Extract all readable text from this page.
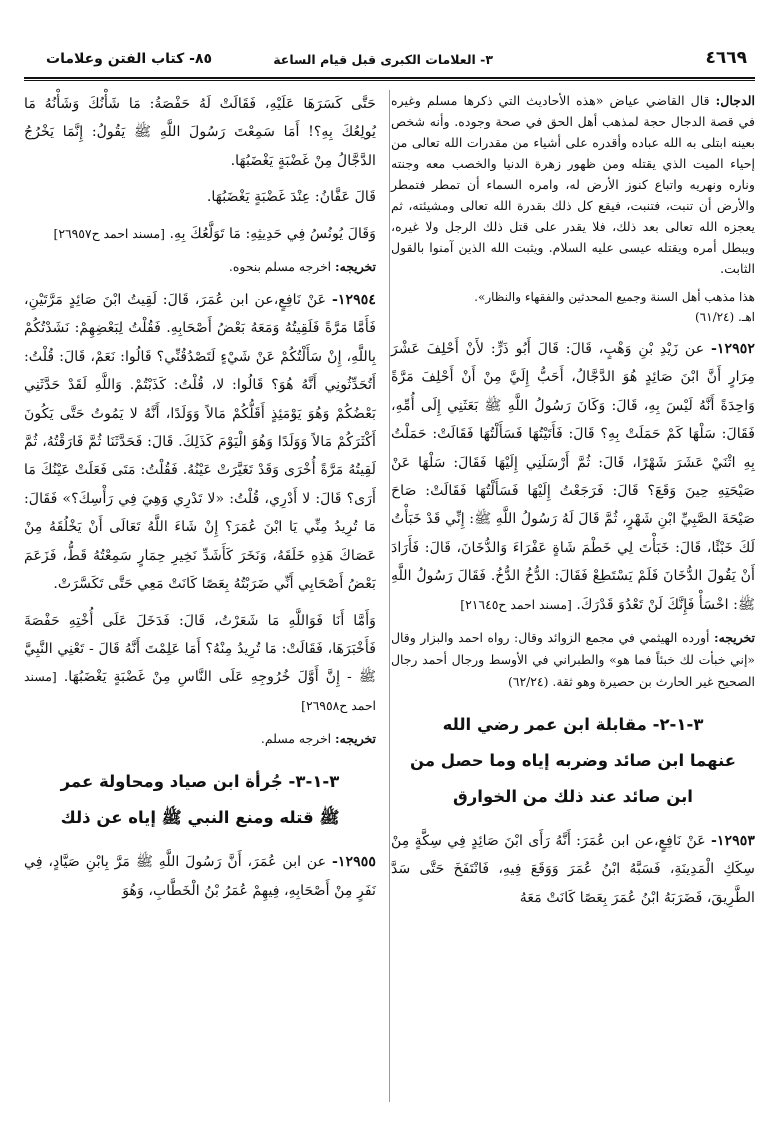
٤٦٦٩
٣- العلامات الكبرى قبل قيام الساعة
٨٥- كتاب الفتن وعلامات

الدجال: قال القاضي عياض «هذه الأحاديث التي ذكرها مسلم وغيره في قصة الدجال حجة لمذهب أهل الحق في صحة وجوده. وأنه شخص بعينه ابتلى به الله عباده وأقدره على أشياء من مقدرات الله تعالى من إحياء الميت الذي يقتله ومن ظهور زهرة الدنيا والخصب معه وجنته وناره ونهريه واتباع كنوز الأرض له، وامره السماء أن تمطر فتمطر والأرض أن تنبت، فتنبت، فيقع كل ذلك بقدرة الله تعالى ومشيئته، ثم يعجزه الله تعالى بعد ذلك، فلا يقدر على قتل ذلك الرجل ولا غيره، ويبطل أمره ويقتله عيسى عليه السلام. ويثبت الله الذين آمنوا بالقول الثابت.

هذا مذهب أهل السنة وجميع المحدثين والفقهاء والنظار».
اهـ. (٦١/٢٤)

١٢٩٥٢- عن زَيْدِ بْنِ وَهْبٍ، قَالَ: قَالَ أَبُو ذَرٍّ: لأَنْ أَحْلِفَ عَشْرَ مِرَارٍ أَنَّ ابْنَ صَائِدٍ هُوَ الدَّجَّالُ، أَحَبُّ إِلَيَّ مِنْ أَنْ أَحْلِفَ مَرَّةً وَاحِدَةً أَنَّهُ لَيْسَ بِهِ، قَالَ: وَكَانَ رَسُولُ اللَّهِ ﷺ بَعَثَنِي إِلَى أُمِّهِ، فَقَالَ: سَلْهَا كَمْ حَمَلَتْ بِهِ؟ قَالَ: فَأَتَيْتُهَا فَسَأَلْتُهَا فَقَالَتْ: حَمَلْتُ بِهِ اثْنَيْ عَشَرَ شَهْرًا، قَالَ: ثُمَّ أَرْسَلَنِي إِلَيْهَا فَقَالَ: سَلْهَا عَنْ صَيْحَتِهِ حِينَ وَقَعَ؟ قَالَ: فَرَجَعْتُ إِلَيْهَا فَسَأَلْتُهَا فَقَالَتْ: صَاحَ صَيْحَةَ الصَّبِيِّ ابْنِ شَهْرٍ، ثُمَّ قَالَ لَهُ رَسُولُ اللَّهِ ﷺ: إِنِّي قَدْ خَبَأْتُ لَكَ خَبْئًا، قَالَ: خَبَأْتَ لِي خَطْمَ شَاةٍ عَفْرَاءَ وَالدُّخَانَ، قَالَ: فَأَرَادَ أَنْ يَقُولَ الدُّخَانَ فَلَمْ يَسْتَطِعْ فَقَالَ: الدُّخُ الدُّخُ. فَقَالَ رَسُولُ اللَّهِ ﷺ: اخْسَأْ فَإِنَّكَ لَنْ تَعْدُوَ قَدْرَكَ. [مسند احمد ح٢١٦٤٥]

تخريجه: أورده الهيثمي في مجمع الزوائد وقال: رواه احمد والبزار وقال «إني خبأت لك خبئاً فما هو» والطبراني في الأوسط ورجال أحمد رجال الصحيح غير الحارث بن حصيرة وهو ثقة. (٦٢/٢٤)

٣-١-٢- مقابلة ابن عمر رضي الله
عنهما ابن صائد وضربه إياه وما حصل من
ابن صائد عند ذلك من الخوارق

١٢٩٥٣- عَنْ نَافِعٍ،عن ابن عُمَرَ: أَنَّهُ رَأَى ابْنَ صَائِدٍ فِي سِكَّةٍ مِنْ سِكَكِ الْمَدِينَةِ، فَسَبَّهُ ابْنُ عُمَرَ وَوَقَعَ فِيهِ، فَانْتَفَخَ حَتَّى سَدَّ الطَّرِيقَ، فَضَرَبَهُ ابْنُ عُمَرَ بِعَصًا كَانَتْ مَعَهُ

حَتَّى كَسَرَهَا عَلَيْهِ، فَقَالَتْ لَهُ حَفْصَةُ: مَا شَأْنُكَ وَشَأْنُهُ مَا يُولِعُكَ بِهِ؟! أَمَا سَمِعْتَ رَسُولَ اللَّهِ ﷺ يَقُولُ: إِنَّمَا يَخْرُجُ الدَّجَّالُ مِنْ غَضْبَةٍ يَغْضَبُهَا.

قَالَ عَفَّانُ: عِنْدَ غَضْبَةٍ يَغْضَبُهَا.

وَقَالَ يُونُسُ فِي حَدِيثِهِ: مَا تَوَلَّعُكَ بِهِ. [مسند احمد ح٢٦٩٥٧]

تخريجه: اخرجه مسلم بنحوه.

١٢٩٥٤- عَنْ نَافِعٍ،عن ابن عُمَرَ، قَالَ: لَقِيتُ ابْنَ صَائِدٍ مَرَّتَيْنِ، فَأَمَّا مَرَّةً فَلَقِيتُهُ وَمَعَهُ بَعْضُ أَصْحَابِهِ. فَقُلْتُ لِبَعْضِهِمْ: نَشَدْتُكُمْ بِاللَّهِ، إِنْ سَأَلْتُكُمْ عَنْ شَيْءٍ لَتَصْدُقُنِّي؟ قَالُوا: نَعَمْ، قَالَ: قُلْتُ: أَتُحَدِّثُونِي أَنَّهُ هُوَ؟ قَالُوا: لا، قُلْتُ: كَذَبْتُمْ. وَاللَّهِ لَقَدْ حَدَّثَنِي بَعْضُكُمْ وَهُوَ يَوْمَئِذٍ أَقَلُّكُمْ مَالاً وَوَلَدًا، أَنَّهُ لا يَمُوتُ حَتَّى يَكُونَ أَكْثَرَكُمْ مَالاً وَوَلَدًا وَهُوَ الْيَوْمَ كَذَلِكَ. قَالَ: فَحَدَّثَنَا ثُمَّ فَارَقْتُهُ، ثُمَّ لَقِيتُهُ مَرَّةً أُخْرَى وَقَدْ تَغَيَّرَتْ عَيْنُهُ. فَقُلْتُ: مَتَى فَعَلَتْ عَيْنُكَ مَا أَرَى؟ قَالَ: لا أَدْرِي، قُلْتُ: «لا تَدْرِي وَهِيَ فِي رَأْسِكَ؟» فَقَالَ: مَا تُرِيدُ مِنِّي يَا ابْنَ عُمَرَ؟ إِنْ شَاءَ اللَّهُ تَعَالَى أَنْ يَخْلُقَهُ مِنْ عَصَاكَ هَذِهِ خَلَقَهُ، وَنَخَرَ كَأَشَدِّ نَخِيرِ حِمَارٍ سَمِعْتُهُ قَطُّ، فَزَعَمَ بَعْضُ أَصْحَابِي أَنِّي ضَرَبْتُهُ بِعَصًا كَانَتْ مَعِي حَتَّى تَكَسَّرَتْ.

وَأَمَّا أَنَا فَوَاللَّهِ مَا شَعَرْتُ، قَالَ: فَدَخَلَ عَلَى أُخْتِهِ حَفْصَةَ فَأَخْبَرَهَا، فَقَالَتْ: مَا تُرِيدُ مِنْهُ؟ أَمَا عَلِمْتَ أَنَّهُ قَالَ - تَعْنِي النَّبِيَّ ﷺ - إِنَّ أَوَّلَ خُرُوجِهِ عَلَى النَّاسِ مِنْ غَضْبَةٍ يَغْضَبُهَا. [مسند احمد ح٢٦٩٥٨]

تخريجه: اخرجه مسلم.

٣-١-٣- جُرأة ابن صياد ومحاولة عمر
ﷺ قتله ومنع النبي ﷺ إياه عن ذلك

١٢٩٥٥- عن ابن عُمَرَ، أَنَّ رَسُولَ اللَّهِ ﷺ مَرَّ بِابْنِ صَيَّادٍ، فِي نَفَرٍ مِنْ أَصْحَابِهِ، فِيهِمْ عُمَرُ بْنُ الْخَطَّابِ، وَهُوَ
